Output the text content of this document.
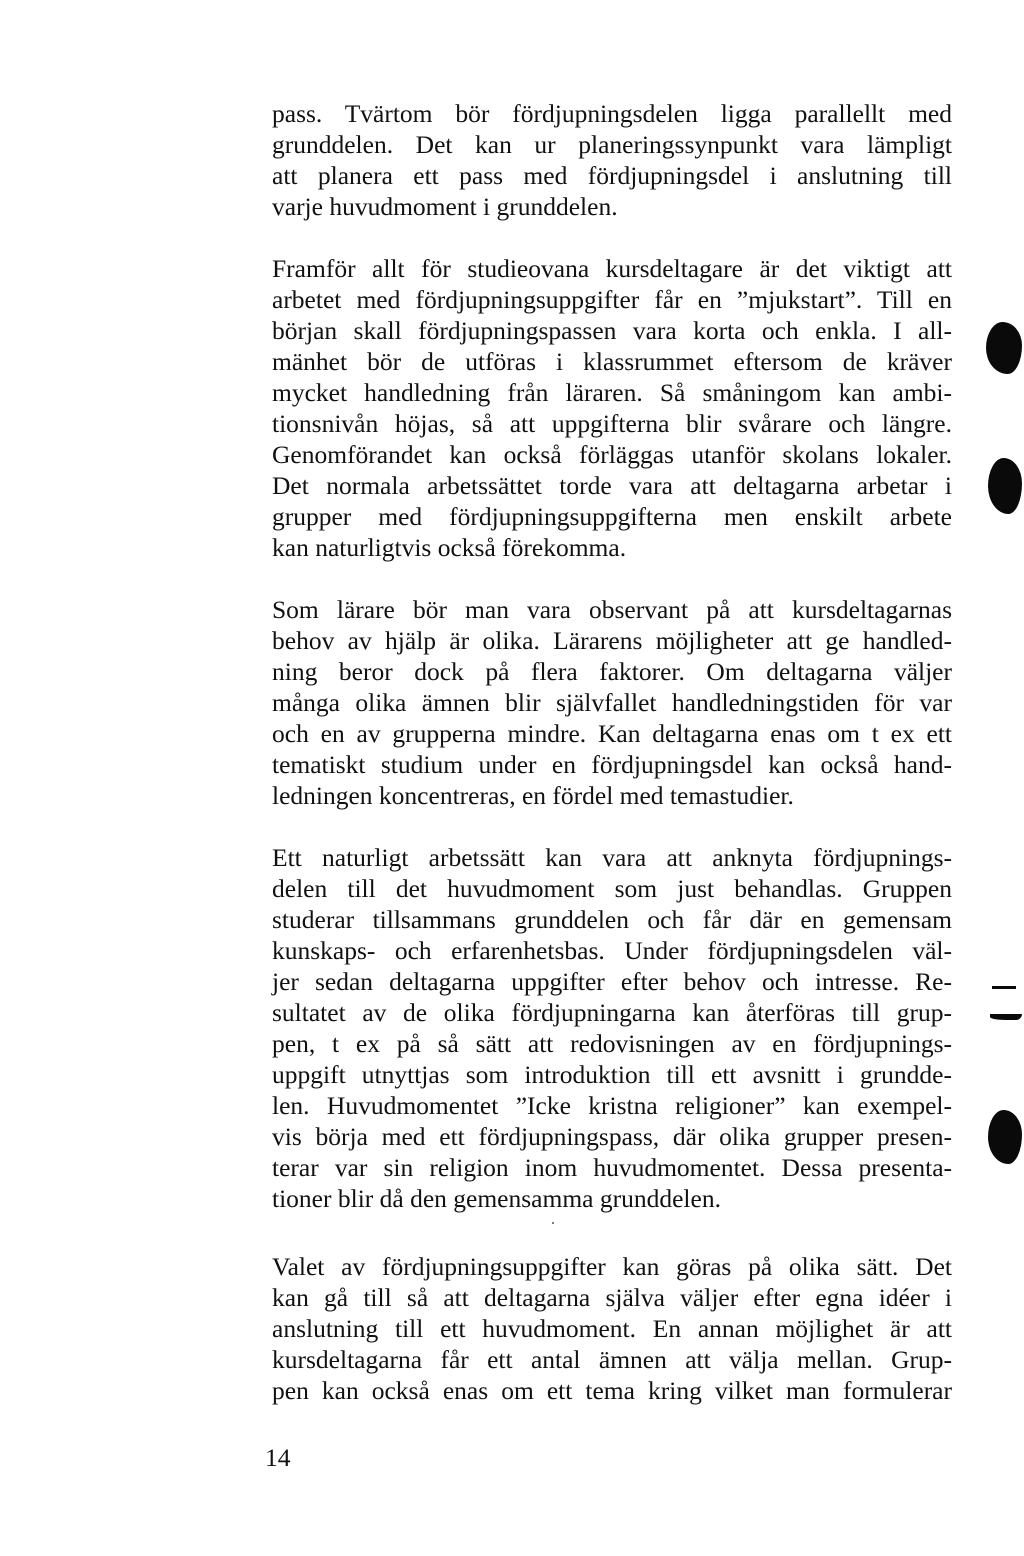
pass. Tvärtom bör fördjupningsdelen ligga parallellt med
grunddelen. Det kan ur planeringssynpunkt vara lämpligt
att planera ett pass med fördjupningsdel i anslutning till
varje huvudmoment i grunddelen.
Framför allt för studieovana kursdeltagare är det viktigt att
arbetet med fördjupningsuppgifter får en ”mjukstart”. Till en
början skall fördjupningspassen vara korta och enkla. I all-
mänhet bör de utföras i klassrummet eftersom de kräver
mycket handledning från läraren. Så småningom kan ambi-
tionsnivån höjas, så att uppgifterna blir svårare och längre.
Genomförandet kan också förläggas utanför skolans lokaler.
Det normala arbetssättet torde vara att deltagarna arbetar i
grupper med fördjupningsuppgifterna men enskilt arbete
kan naturligtvis också förekomma.
Som lärare bör man vara observant på att kursdeltagarnas
behov av hjälp är olika. Lärarens möjligheter att ge handled-
ning beror dock på flera faktorer. Om deltagarna väljer
många olika ämnen blir självfallet handledningstiden för var
och en av grupperna mindre. Kan deltagarna enas om t ex ett
tematiskt studium under en fördjupningsdel kan också hand-
ledningen koncentreras, en fördel med temastudier.
Ett naturligt arbetssätt kan vara att anknyta fördjupnings-
delen till det huvudmoment som just behandlas. Gruppen
studerar tillsammans grunddelen och får där en gemensam
kunskaps- och erfarenhetsbas. Under fördjupningsdelen väl-
jer sedan deltagarna uppgifter efter behov och intresse. Re-
sultatet av de olika fördjupningarna kan återföras till grup-
pen, t ex på så sätt att redovisningen av en fördjupnings-
uppgift utnyttjas som introduktion till ett avsnitt i grundde-
len. Huvudmomentet ”Icke kristna religioner” kan exempel-
vis börja med ett fördjupningspass, där olika grupper presen-
terar var sin religion inom huvudmomentet. Dessa presenta-
tioner blir då den gemensamma grunddelen.
Valet av fördjupningsuppgifter kan göras på olika sätt. Det
kan gå till så att deltagarna själva väljer efter egna idéer i
anslutning till ett huvudmoment. En annan möjlighet är att
kursdeltagarna får ett antal ämnen att välja mellan. Grup-
pen kan också enas om ett tema kring vilket man formulerar
14
